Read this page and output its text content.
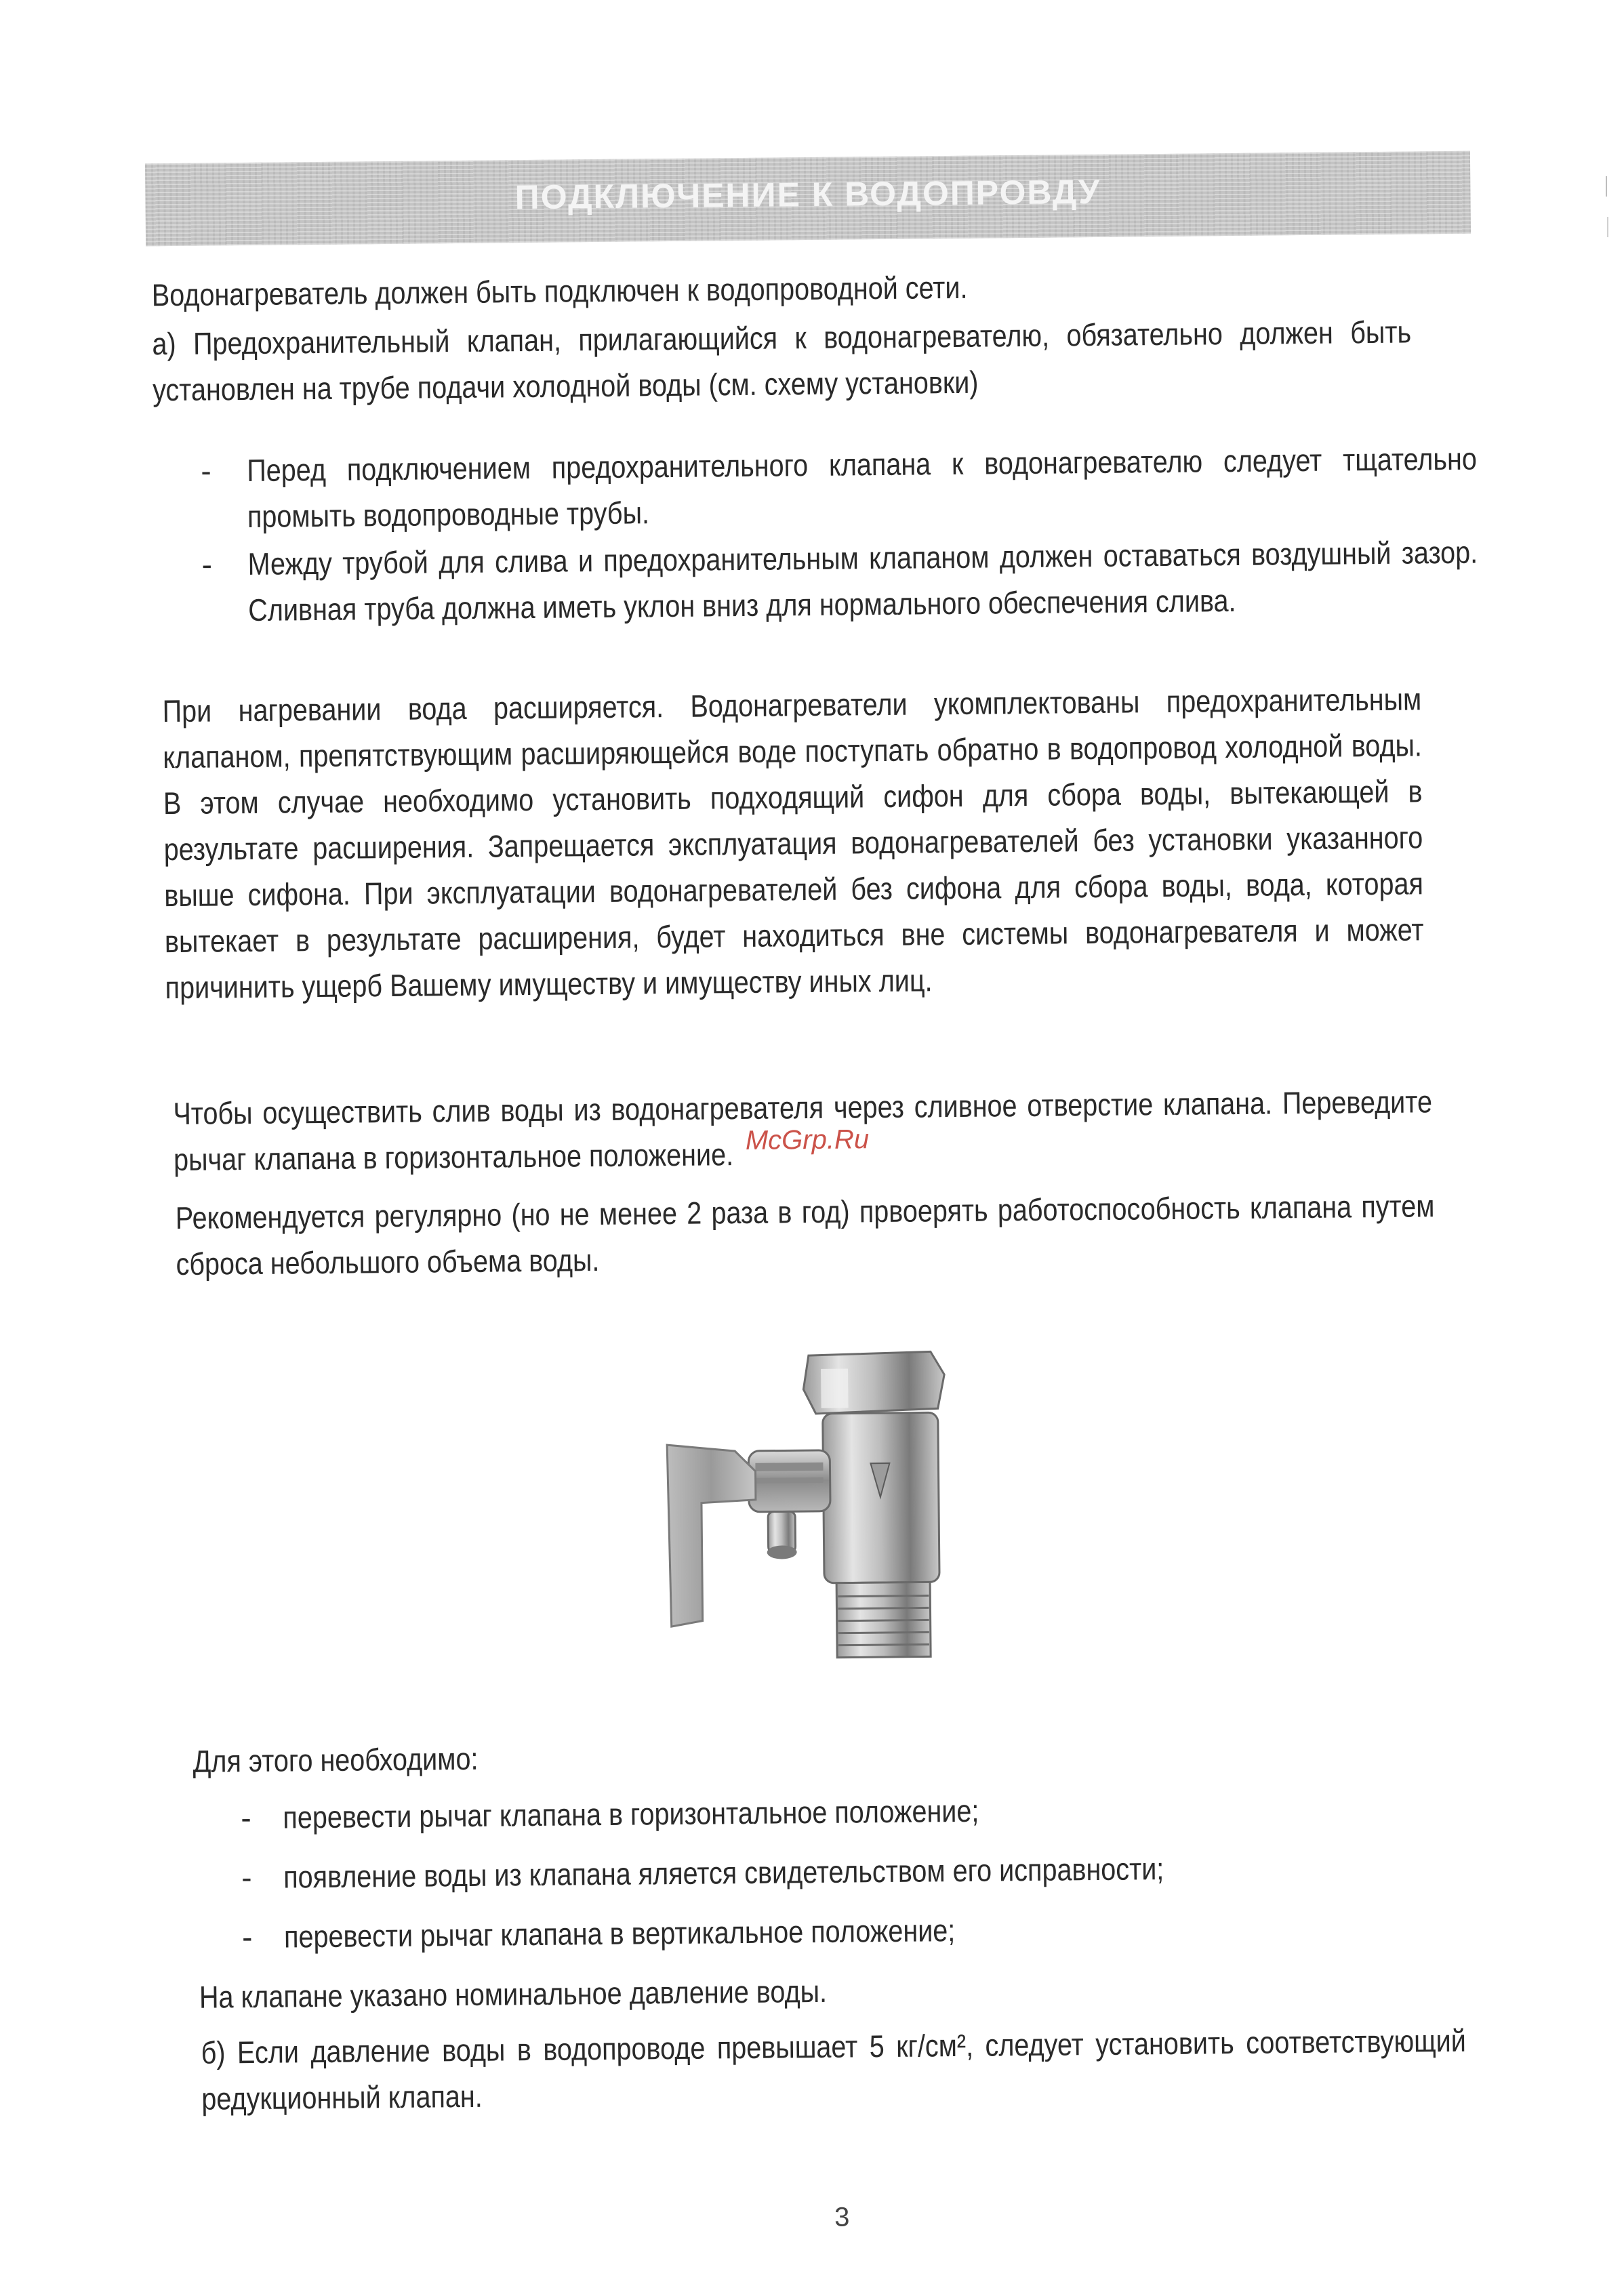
ПОДКЛЮЧЕНИЕ К ВОДОПРОВДУ

Водонагреватель должен быть подключен к водопроводной сети.

а) Предохранительный клапан, прилагающийся к водонагревателю, обязательно должен быть установлен на трубе подачи холодной воды (см. схему установки)

- Перед подключением предохранительного клапана к водонагревателю следует тщательно промыть водопроводные трубы.

- Между трубой для слива и предохранительным клапаном должен оставаться воздушный зазор. Сливная труба должна иметь уклон вниз для нормального обеспечения слива.

При нагревании вода расширяется. Водонагреватели укомплектованы предохранительным клапаном, препятствующим расширяющейся воде поступать обратно в водопровод холодной воды. В этом случае необходимо установить подходящий сифон для сбора воды, вытекающей в результате расширения. Запрещается эксплуатация водонагревателей без установки указанного выше сифона. При эксплуатации водонагревателей без сифона для сбора воды, вода, которая вытекает в результате расширения, будет находиться вне системы водонагревателя и может причинить ущерб Вашему имуществу и имуществу иных лиц.

Чтобы осуществить слив воды из водонагревателя через сливное отверстие клапана. Переведите рычаг клапана в горизонтальное положение. McGrp.Ru

Рекомендуется регулярно (но не менее 2 раза в год) првоерять работоспособность клапана путем сброса небольшого объема воды.

Для этого необходимо:

- перевести рычаг клапана в горизонтальное положение;

- появление воды из клапана яляется свидетельством его исправности;

- перевести рычаг клапана в вертикальное положение;

На клапане указано номинальное давление воды.

б) Если давление воды в водопроводе превышает 5 кг/см², следует установить соответствующий редукционный клапан.

3
